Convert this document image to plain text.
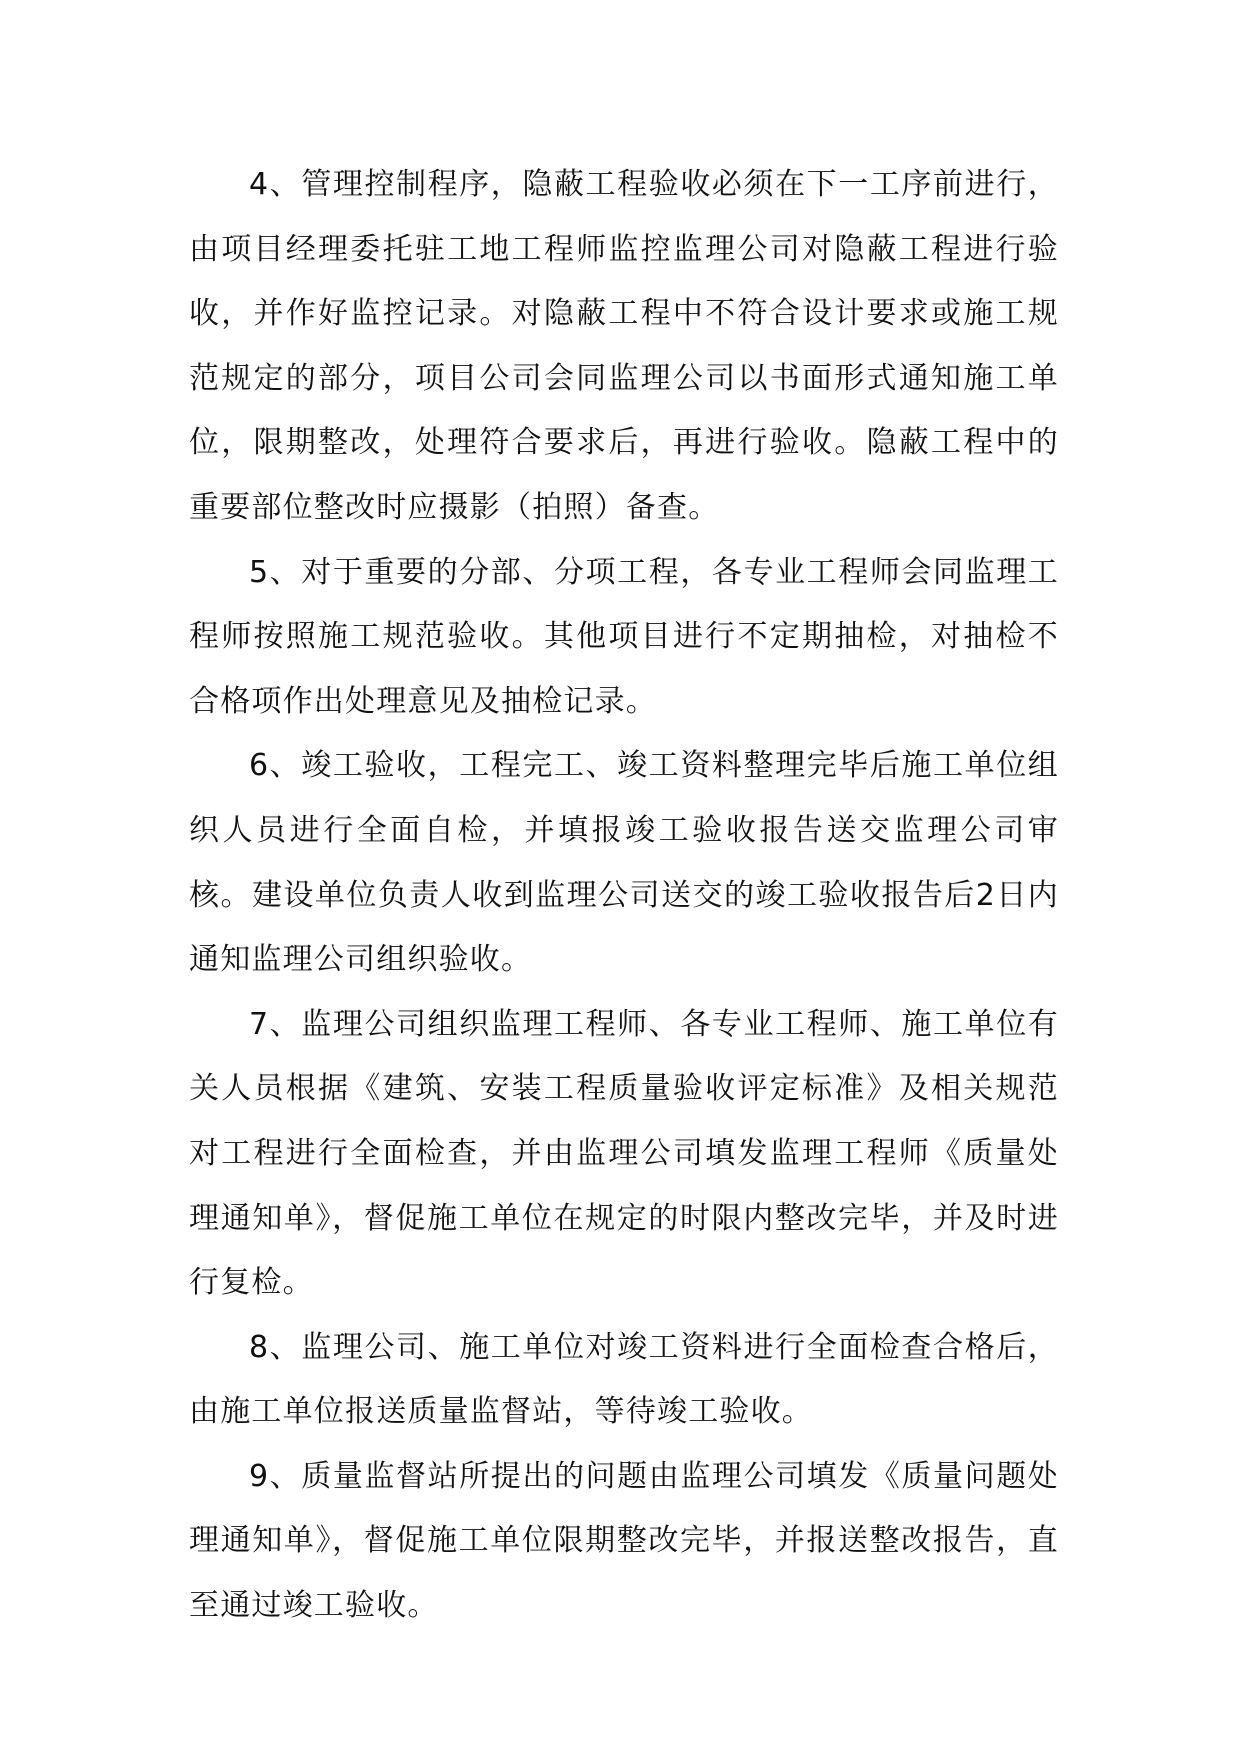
4、管理控制程序，隐蔽工程验收必须在下一工序前进行，由项目经理委托驻工地工程师监控监理公司对隐蔽工程进行验收，并作好监控记录。对隐蔽工程中不符合设计要求或施工规范规定的部分，项目公司会同监理公司以书面形式通知施工单位，限期整改，处理符合要求后，再进行验收。隐蔽工程中的重要部位整改时应摄影（拍照）备查。

5、对于重要的分部、分项工程，各专业工程师会同监理工程师按照施工规范验收。其他项目进行不定期抽检，对抽检不合格项作出处理意见及抽检记录。

6、竣工验收，工程完工、竣工资料整理完毕后施工单位组织人员进行全面自检，并填报竣工验收报告送交监理公司审核。建设单位负责人收到监理公司送交的竣工验收报告后2日内通知监理公司组织验收。

7、监理公司组织监理工程师、各专业工程师、施工单位有关人员根据《建筑、安装工程质量验收评定标准》及相关规范对工程进行全面检查，并由监理公司填发监理工程师《质量处理通知单》，督促施工单位在规定的时限内整改完毕，并及时进行复检。

8、监理公司、施工单位对竣工资料进行全面检查合格后，由施工单位报送质量监督站，等待竣工验收。

9、质量监督站所提出的问题由监理公司填发《质量问题处理通知单》，督促施工单位限期整改完毕，并报送整改报告，直至通过竣工验收。
